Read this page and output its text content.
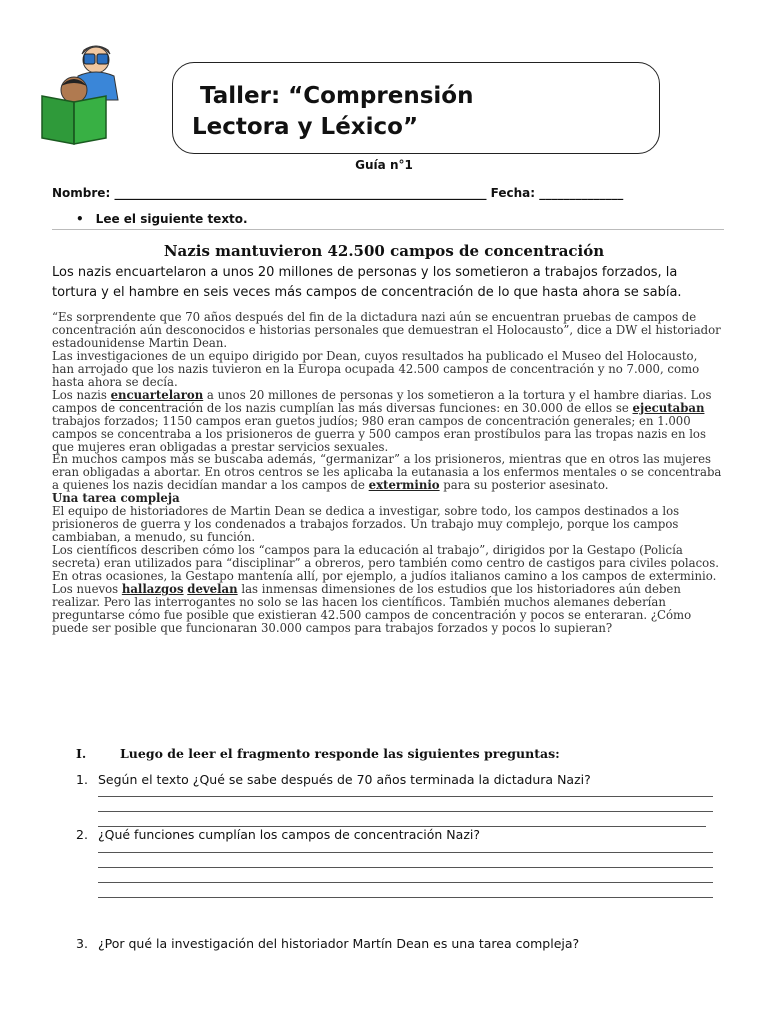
Taller: “Comprensión
Lectora y Léxico”
Guía n°1
Nombre: ______________________________________________________________ Fecha: ______________
• Lee el siguiente texto.
Nazis mantuvieron 42.500 campos de concentración
Los nazis encuartelaron a unos 20 millones de personas y los sometieron a trabajos forzados, la tortura y el hambre en seis veces más campos de concentración de lo que hasta ahora se sabía.

“Es sorprendente que 70 años después del fin de la dictadura nazi aún se encuentran pruebas de campos de concentración aún desconocidos e historias personales que demuestran el Holocausto”, dice a DW el historiador estadounidense Martin Dean.

Las investigaciones de un equipo dirigido por Dean, cuyos resultados ha publicado el Museo del Holocausto, han arrojado que los nazis tuvieron en la Europa ocupada 42.500 campos de concentración y no 7.000, como hasta ahora se decía.

Los nazis encuartelaron a unos 20 millones de personas y los sometieron a la tortura y el hambre diarias. Los campos de concentración de los nazis cumplían las más diversas funciones: en 30.000 de ellos se ejecutaban trabajos forzados; 1150 campos eran guetos judíos; 980 eran campos de concentración generales; en 1.000 campos se concentraba a los prisioneros de guerra y 500 campos eran prostíbulos para las tropas nazis en los que mujeres eran obligadas a prestar servicios sexuales.

En muchos campos más se buscaba además, “germanizar” a los prisioneros, mientras que en otros las mujeres eran obligadas a abortar. En otros centros se les aplicaba la eutanasia a los enfermos mentales o se concentraba a quienes los nazis decidían mandar a los campos de exterminio para su posterior asesinato.

Una tarea compleja

El equipo de historiadores de Martin Dean se dedica a investigar, sobre todo, los campos destinados a los prisioneros de guerra y los condenados a trabajos forzados. Un trabajo muy complejo, porque los campos cambiaban, a menudo, su función.

Los científicos describen cómo los “campos para la educación al trabajo”, dirigidos por la Gestapo (Policía secreta) eran utilizados para “disciplinar” a obreros, pero también como centro de castigos para civiles polacos. En otras ocasiones, la Gestapo mantenía allí, por ejemplo, a judíos italianos camino a los campos de exterminio.

Los nuevos hallazgos develan las inmensas dimensiones de los estudios que los historiadores aún deben realizar. Pero las interrogantes no solo se las hacen los científicos. También muchos alemanes deberían preguntarse cómo fue posible que existieran 42.500 campos de concentración y pocos se enteraran. ¿Cómo puede ser posible que funcionaran 30.000 campos para trabajos forzados y pocos lo supieran?

I.	Luego de leer el fragmento responde las siguientes preguntas:
1. Según el texto ¿Qué se sabe después de 70 años terminada la dictadura Nazi?
2. ¿Qué funciones cumplían los campos de concentración Nazi?
3. ¿Por qué la investigación del historiador Martín Dean es una tarea compleja?
